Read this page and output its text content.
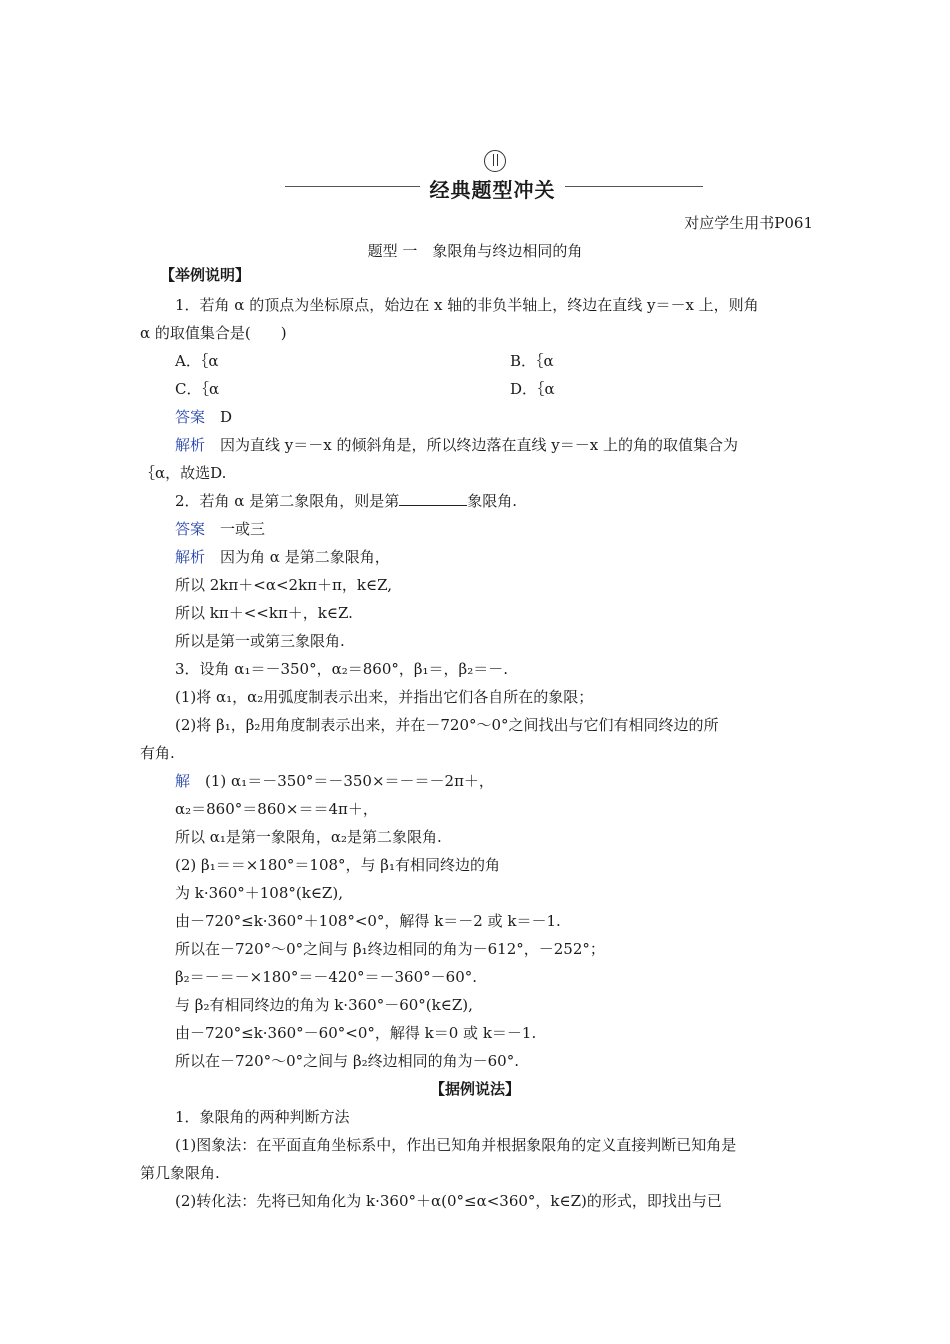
经典题型冲关
对应学生用书P061
题型 一　象限角与终边相同的角
【举例说明】
1．若角 α 的顶点为坐标原点，始边在 x 轴的非负半轴上，终边在直线 y＝－x 上，则角
α 的取值集合是(　　)
A．｛α	B．｛α
C．｛α	D．｛α
答案　 D
解析　 因为直线 y＝－x 的倾斜角是，所以终边落在直线 y＝－x 上的角的取值集合为
｛α，故选D.
2．若角 α 是第二象限角，则是第	象限角.
答案　 一或三
解析　 因为角 α 是第二象限角，
所以 2kπ＋<α<2kπ＋π，k∈Z,
所以 kπ＋<<kπ＋，k∈Z.
所以是第一或第三象限角.
3．设角 α₁＝－350°，α₂＝860°，β₁＝，β₂＝－.
(1)将 α₁，α₂用弧度制表示出来，并指出它们各自所在的象限；
(2)将 β₁，β₂用角度制表示出来，并在－720°～0°之间找出与它们有相同终边的所
有角.
解　 (1) α₁＝－350°＝－350×＝－＝－2π＋，
α₂＝860°＝860×＝＝4π＋，
所以 α₁是第一象限角，α₂是第二象限角.
(2) β₁＝＝×180°＝108°，与 β₁有相同终边的角
为 k·360°＋108°(k∈Z),
由－720°≤k·360°＋108°<0°，解得 k＝－2 或 k＝－1.
所以在－720°～0°之间与 β₁终边相同的角为－612°，－252°；
β₂＝－＝－×180°＝－420°＝－360°－60°.
与 β₂有相同终边的角为 k·360°－60°(k∈Z),
由－720°≤k·360°－60°<0°，解得 k＝0 或 k＝－1.
所以在－720°～0°之间与 β₂终边相同的角为－60°.
【据例说法】
1．象限角的两种判断方法
(1)图象法：在平面直角坐标系中，作出已知角并根据象限角的定义直接判断已知角是
第几象限角.
(2)转化法：先将已知角化为 k·360°＋α(0°≤α<360°，k∈Z)的形式，即找出与已
